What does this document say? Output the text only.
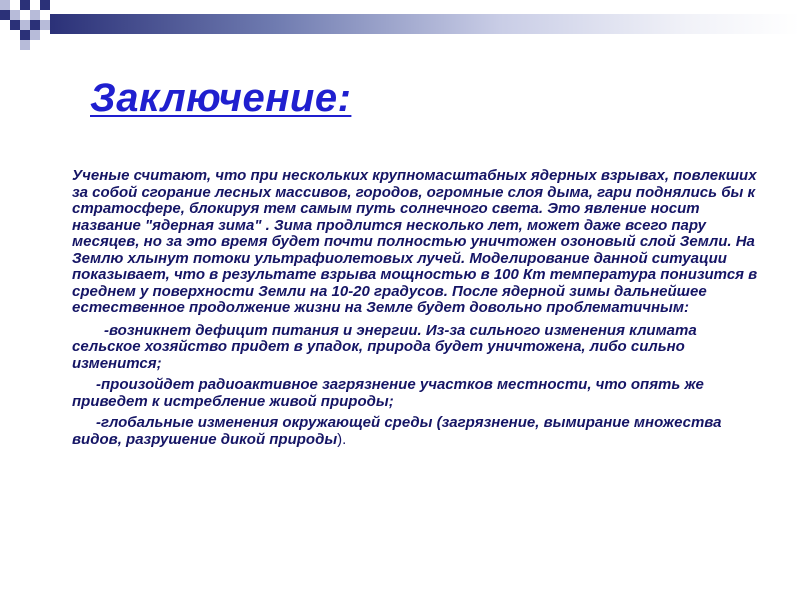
Заключение:

Ученые считают, что при нескольких крупномасштабных ядерных взрывах, повлекших за собой сгорание лесных массивов, городов, огромные слоя дыма, гари поднялись бы к стратосфере, блокируя тем самым путь солнечного света. Это явление носит название "ядерная зима" . Зима продлится несколько лет, может даже всего пару месяцев, но за это время будет почти полностью уничтожен озоновый слой Земли. На Землю хлынут потоки ультрафиолетовых лучей. Моделирование данной ситуации показывает, что в результате взрыва мощностью в 100 Кт температура понизится в среднем у поверхности Земли на 10-20 градусов. После ядерной зимы дальнейшее естественное продолжение жизни на Земле будет довольно проблематичным:

-возникнет дефицит питания и энергии. Из-за сильного изменения климата сельское хозяйство придет в упадок, природа будет уничтожена, либо сильно изменится;

-произойдет радиоактивное загрязнение участков местности, что опять же приведет к истребление живой природы;

-глобальные изменения окружающей среды (загрязнение, вымирание множества видов, разрушение дикой природы).
